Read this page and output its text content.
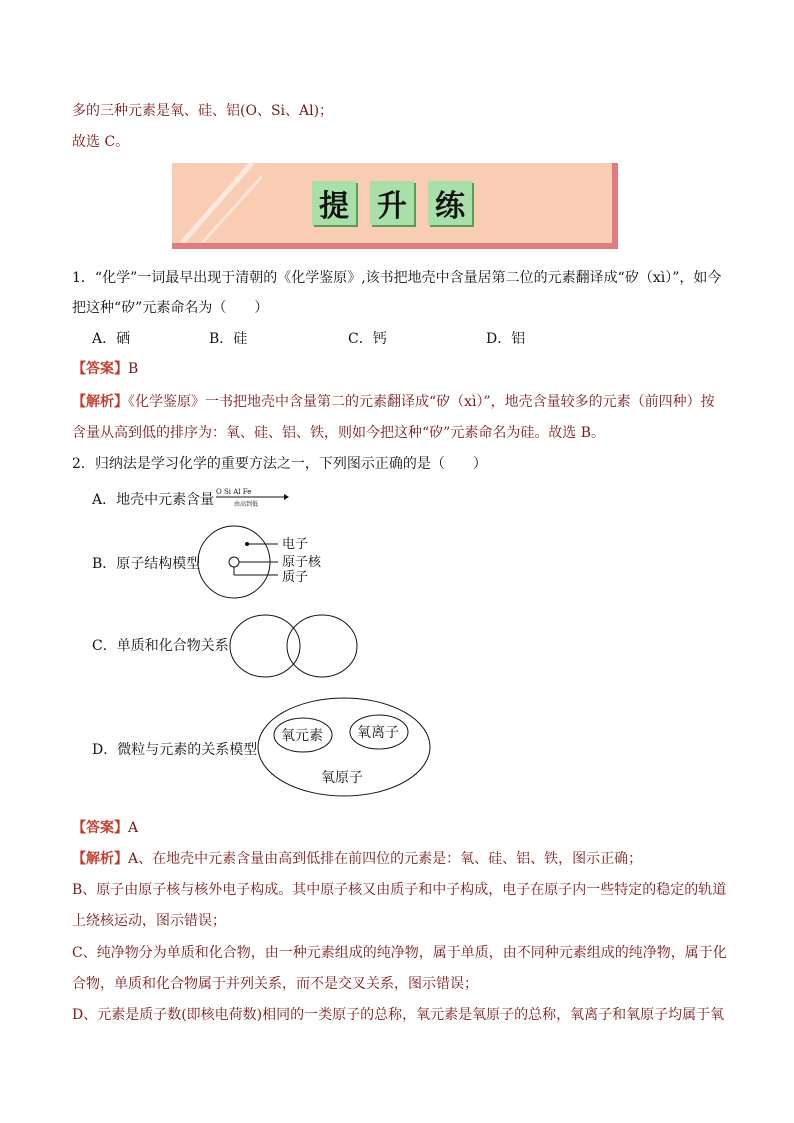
多的三种元素是氧、硅、铝(O、Si、Al)；
故选 C。
提 升 练
1．“化学”一词最早出现于清朝的《化学鉴原》,该书把地壳中含量居第二位的元素翻译成“矽（xì）”，如今
把这种“矽”元素命名为（　　）
A．硒	B．硅	C．钙	D．铝
【答案】B
【解析】《化学鉴原》一书把地壳中含量第二的元素翻译成“矽（xì）”，地壳含量较多的元素（前四种）按
含量从高到低的排序为：氧、硅、铝、铁，则如今把这种“矽”元素命名为硅。故选 B。
2．归纳法是学习化学的重要方法之一，下列图示正确的是（　　）
A．地壳中元素含量 O Si Al Fe
由高到低
B．原子结构模型
电子
原子核
质子
C．单质和化合物关系
D．微粒与元素的关系模型
氧元素 氧离子
氧原子
【答案】A
【解析】A、在地壳中元素含量由高到低排在前四位的元素是：氧、硅、铝、铁，图示正确；
B、原子由原子核与核外电子构成。其中原子核又由质子和中子构成，电子在原子内一些特定的稳定的轨道
上绕核运动，图示错误；
C、纯净物分为单质和化合物，由一种元素组成的纯净物，属于单质，由不同种元素组成的纯净物，属于化
合物，单质和化合物属于并列关系，而不是交叉关系，图示错误；
D、元素是质子数(即核电荷数)相同的一类原子的总称，氧元素是氧原子的总称，氧离子和氧原子均属于氧
